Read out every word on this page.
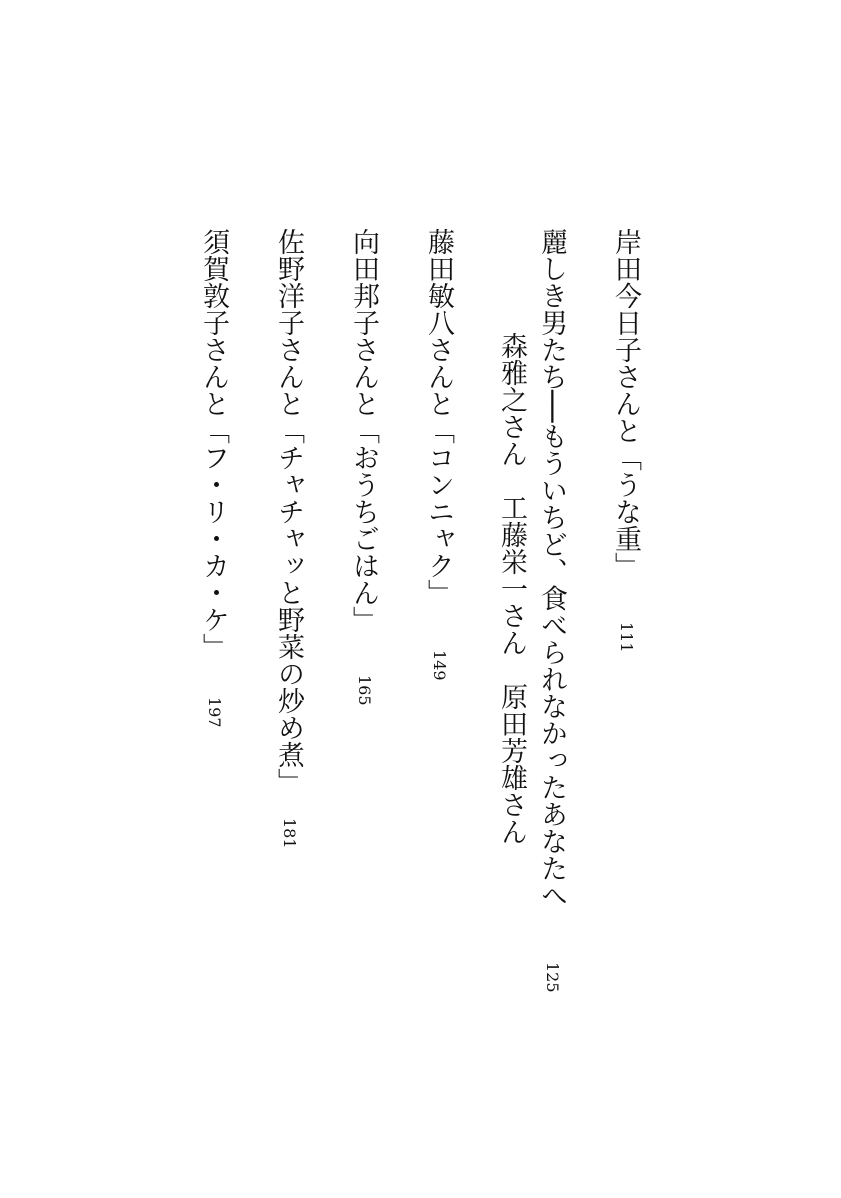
岸田今日子さんと「うな重」
111
麗しき男たち──もういちど、食べられなかったあなたへ
森雅之さん　工藤栄一さん　原田芳雄さん
125
藤田敏八さんと「コンニャク」
149
向田邦子さんと「おうちごはん」
165
佐野洋子さんと「チャチャッと野菜の炒め煮」
181
須賀敦子さんと「フ・リ・カ・ケ」
197
